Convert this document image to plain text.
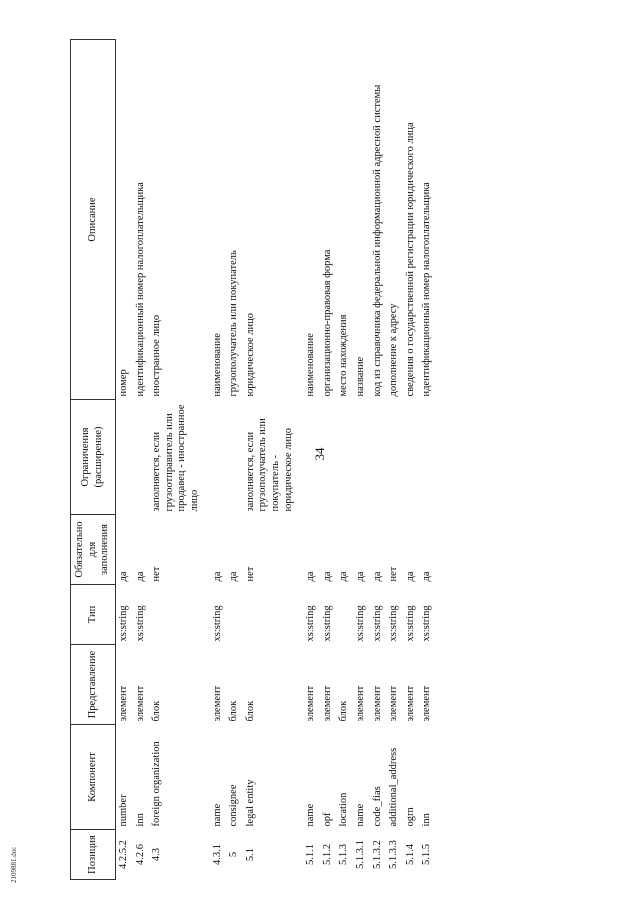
34
2109881.doc	Позиция	Компонент	Представление	Тип	Обязательно для заполнения	Ограничения (расширение)	Описание
4.2.5.2	number	элемент	xs:string	да		номер
4.2.6	inn	элемент	xs:string	да		идентификационный номер налогоплательщика
4.3	foreign organization	блок		нет	заполняется, если грузоотправитель или продавец - иностранное лицо	иностранное лицо

4.3.1	name	элемент	xs:string	да		наименование
5	consignee	блок		да		грузополучатель или покупатель
5.1	legal entity	блок		нет	заполняется, если грузополучатель или покупатель - юридическое лицо	юридическое лицо

5.1.1	name	элемент	xs:string	да		наименование
5.1.2	opf	элемент	xs:string	да		организационно-правовая форма
5.1.3	location	блок		да		место нахождения
5.1.3.1	name	элемент	xs:string	да		название
5.1.3.2	code_fias	элемент	xs:string	да		код из справочника федеральной информационной адресной системы
5.1.3.3	additional_address	элемент	xs:string	нет		дополнение к адресу
5.1.4	ogrn	элемент	xs:string	да		сведения о государственной регистрации юридического лица
5.1.5	inn	элемент	xs:string	да		идентификационный номер налогоплательщика
